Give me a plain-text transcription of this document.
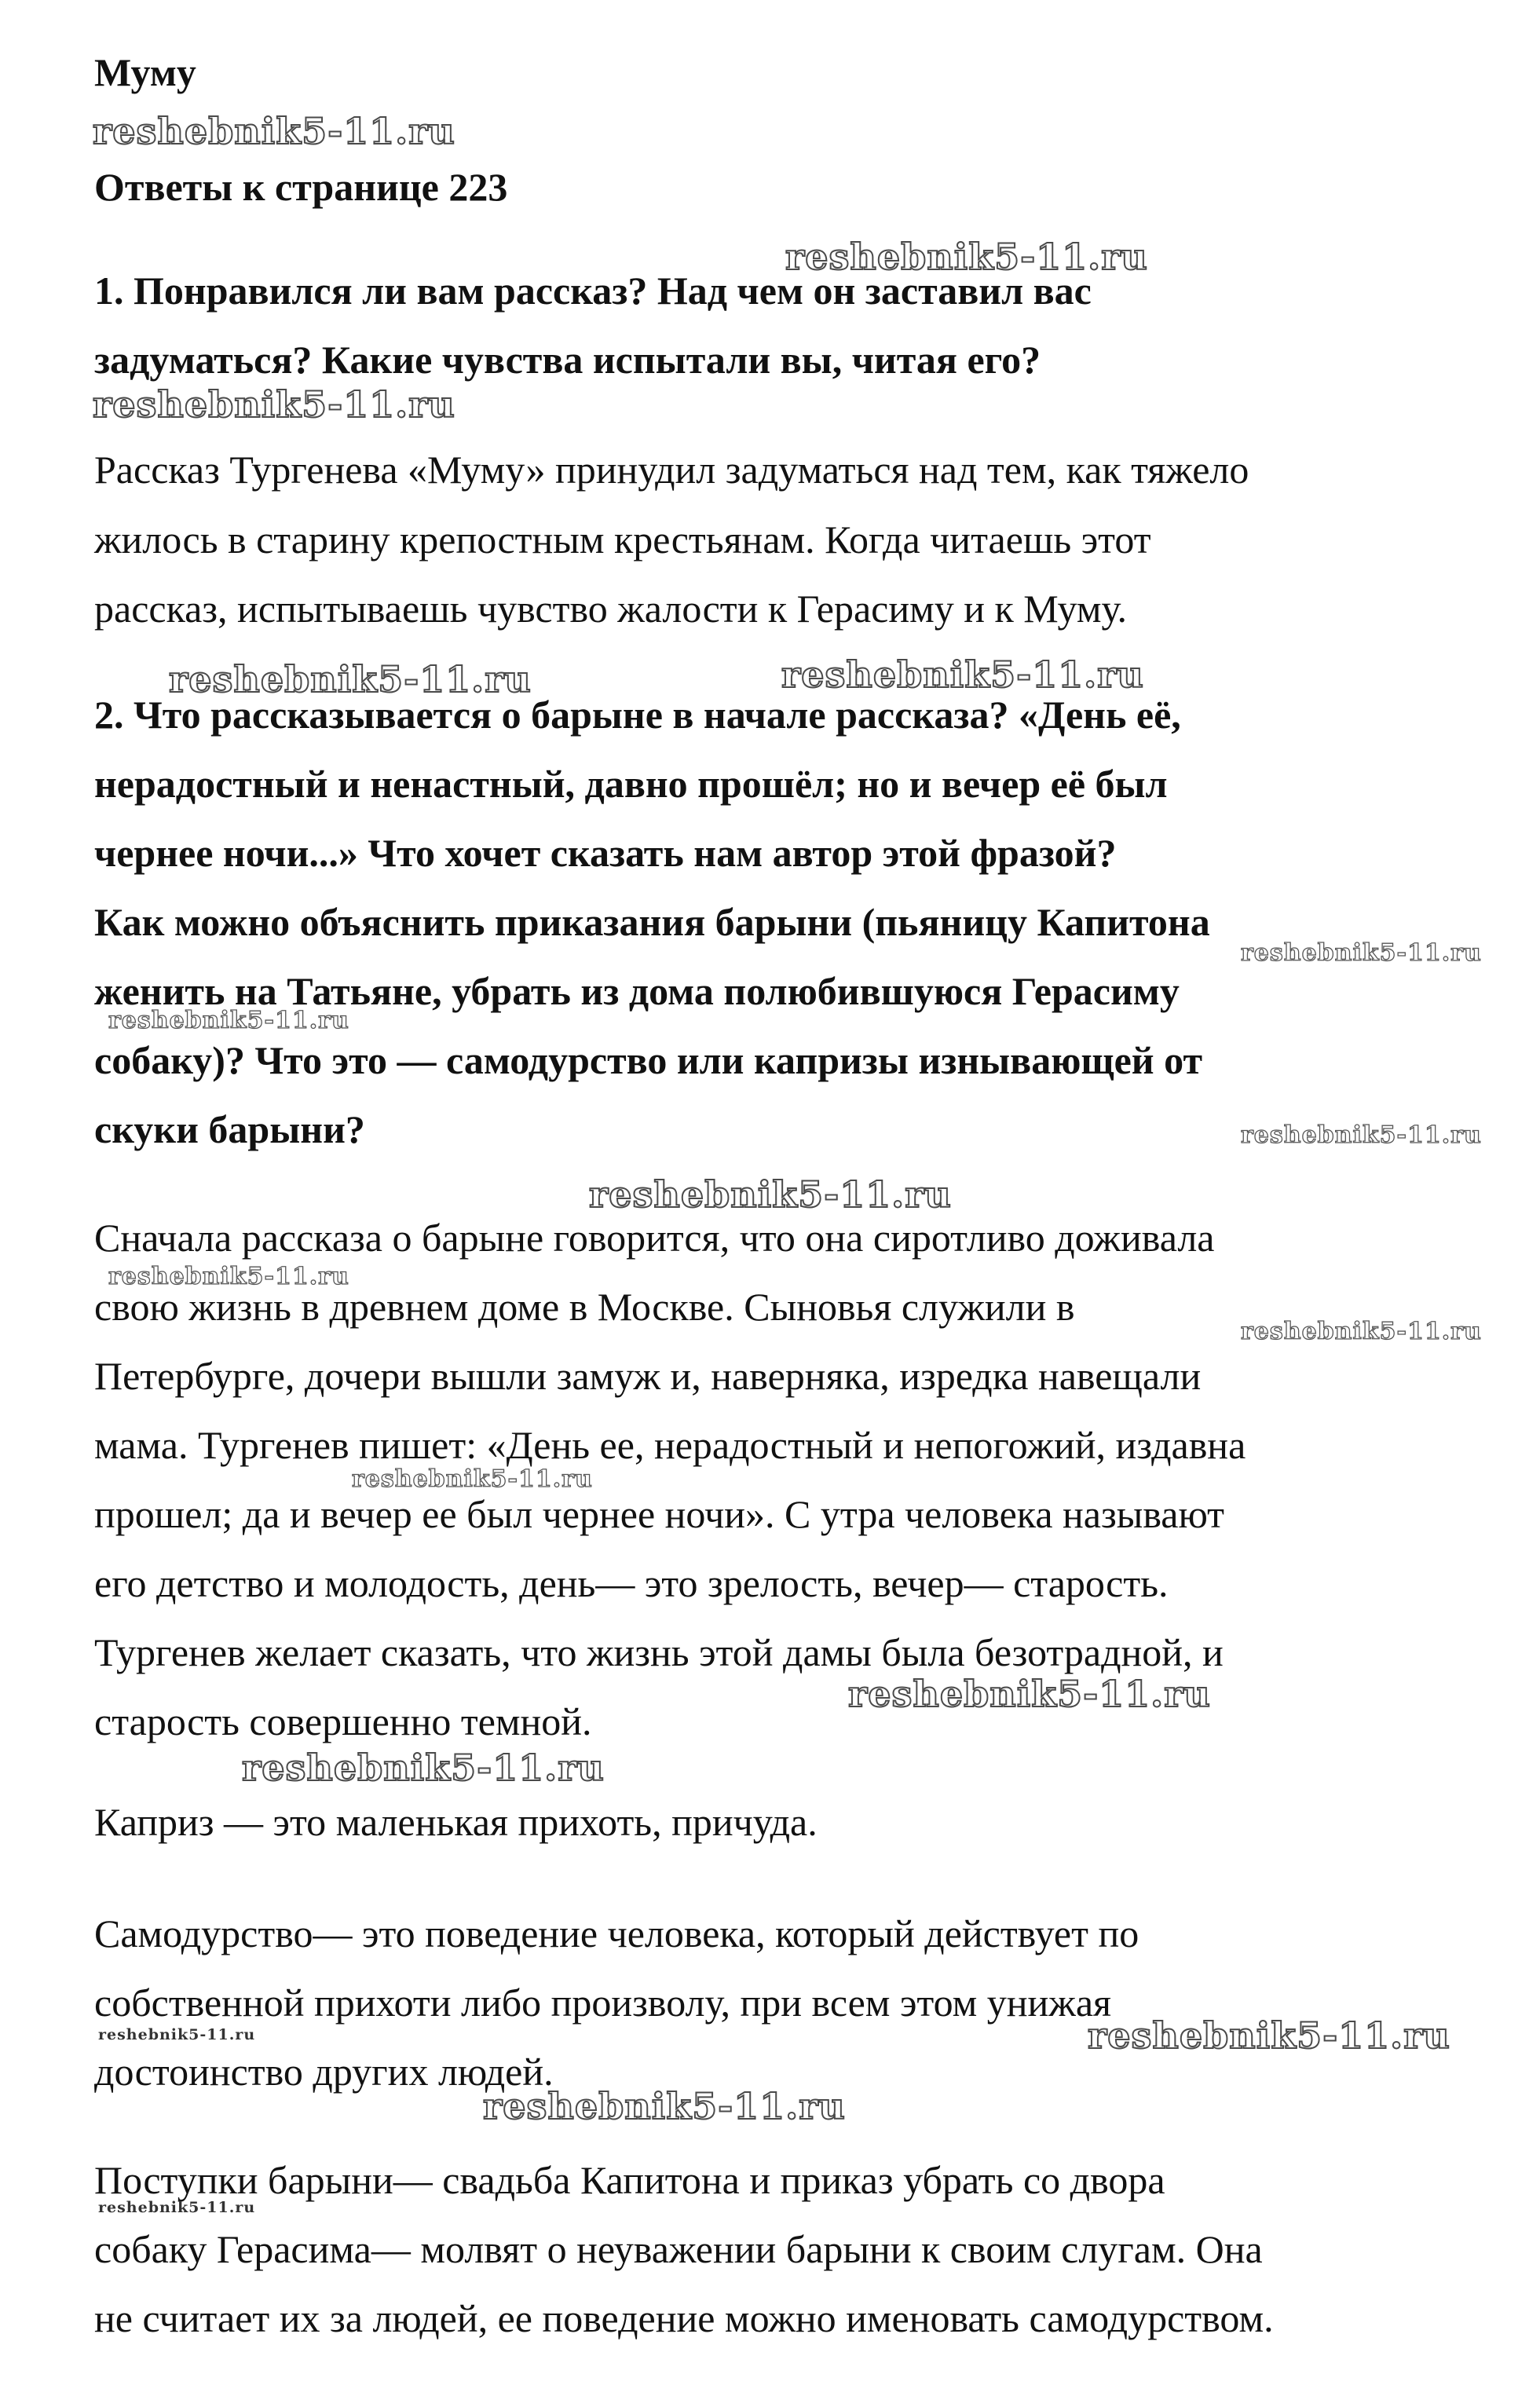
Муму
Ответы к странице 223
1. Понравился ли вам рассказ? Над чем он заставил вас
задуматься? Какие чувства испытали вы, читая его?
Рассказ Тургенева «Муму» принудил задуматься над тем, как тяжело
жилось в старину крепостным крестьянам. Когда читаешь этот
рассказ, испытываешь чувство жалости к Герасиму и к Муму.
2. Что рассказывается о барыне в начале рассказа? «День её,
нерадостный и ненастный, давно прошёл; но и вечер её был
чернее ночи...» Что хочет сказать нам автор этой фразой?
Как можно объяснить приказания барыни (пьяницу Капитона
женить на Татьяне, убрать из дома полюбившуюся Герасиму
собаку)? Что это — самодурство или капризы изнывающей от
скуки барыни?
Сначала рассказа о барыне говорится, что она сиротливо доживала
свою жизнь в древнем доме в Москве. Сыновья служили в
Петербурге, дочери вышли замуж и, наверняка, изредка навещали
мама. Тургенев пишет: «День ее, нерадостный и непогожий, издавна
прошел; да и вечер ее был чернее ночи». С утра человека называют
его детство и молодость, день— это зрелость, вечер— старость.
Тургенев желает сказать, что жизнь этой дамы была безотрадной, и
старость совершенно темной.
Каприз — это маленькая прихоть, причуда.
Самодурство— это поведение человека, который действует по
собственной прихоти либо произволу, при всем этом унижая
достоинство других людей.
Поступки барыни— свадьба Капитона и приказ убрать со двора
собаку Герасима— молвят о неуважении барыни к своим слугам. Она
не считает их за людей, ее поведение можно именовать самодурством.
reshebnik5-11.ru
reshebnik5-11.ru
reshebnik5-11.ru
reshebnik5-11.ru	reshebnik5-11.ru
reshebnik5-11.ru
reshebnik5-11.ru
reshebnik5-11.ru
reshebnik5-11.ru
reshebnik5-11.ru
reshebnik5-11.ru
reshebnik5-11.ru
reshebnik5-11.ru
reshebnik5-11.ru
reshebnik5-11.ru	reshebnik5-11.ru
reshebnik5-11.ru
reshebnik5-11.ru
